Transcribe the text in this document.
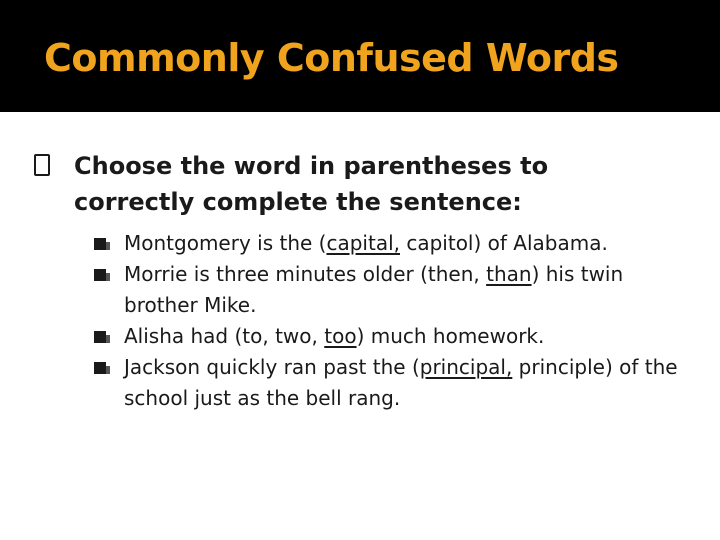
Commonly Confused Words
Choose the word in parentheses to
correctly complete the sentence:
Montgomery is the (capital, capitol) of Alabama.
Morrie is three minutes older (then, than) his twin brother Mike.
Alisha had (to, two, too) much homework.
Jackson quickly ran past the (principal, principle) of the school just as the bell rang.
